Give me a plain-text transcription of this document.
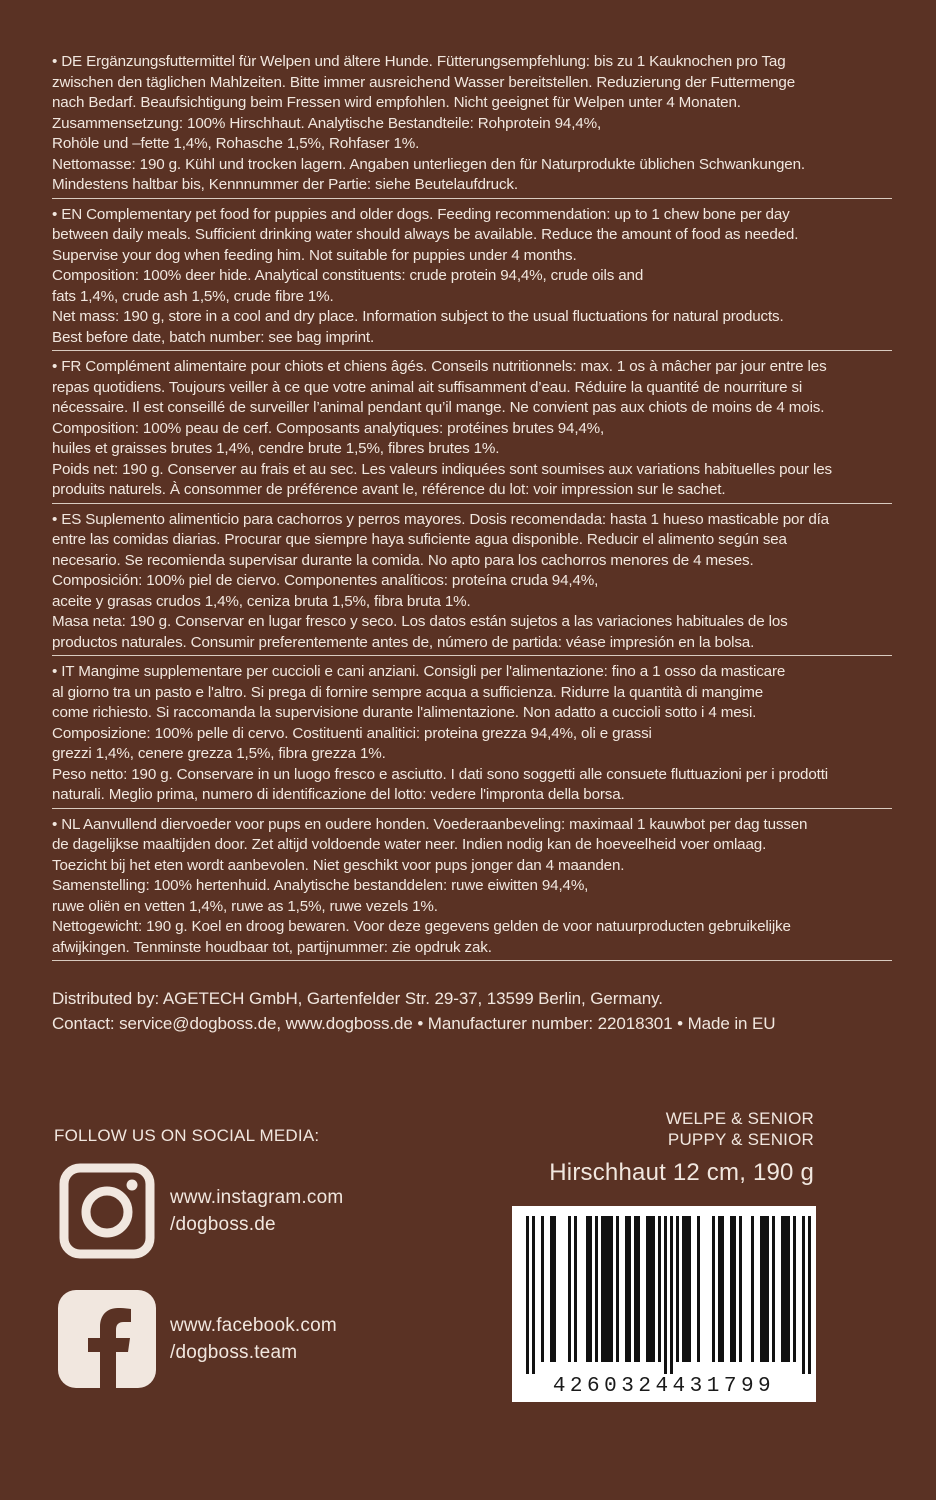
• DE Ergänzungsfuttermittel für Welpen und ältere Hunde. Fütterungsempfehlung: bis zu 1 Kauknochen pro Tag
zwischen den täglichen Mahlzeiten. Bitte immer ausreichend Wasser bereitstellen. Reduzierung der Futtermenge
nach Bedarf. Beaufsichtigung beim Fressen wird empfohlen. Nicht geeignet für Welpen unter 4 Monaten.
Zusammensetzung: 100% Hirschhaut. Analytische Bestandteile: Rohprotein 94,4%,
Rohöle und –fette 1,4%, Rohasche 1,5%, Rohfaser 1%.
Nettomasse: 190 g. Kühl und trocken lagern. Angaben unterliegen den für Naturprodukte üblichen Schwankungen.
Mindestens haltbar bis, Kennnummer der Partie: siehe Beutelaufdruck.
• EN Complementary pet food for puppies and older dogs. Feeding recommendation: up to 1 chew bone per day
between daily meals. Sufficient drinking water should always be available. Reduce the amount of food as needed.
Supervise your dog when feeding him. Not suitable for puppies under 4 months.
Composition: 100% deer hide. Analytical constituents: crude protein 94,4%, crude oils and
fats 1,4%, crude ash 1,5%, crude fibre 1%.
Net mass: 190 g, store in a cool and dry place. Information subject to the usual fluctuations for natural products.
Best before date, batch number: see bag imprint.
• FR Complément alimentaire pour chiots et chiens âgés. Conseils nutritionnels: max. 1 os à mâcher par jour entre les
repas quotidiens. Toujours veiller à ce que votre animal ait suffisamment d’eau. Réduire la quantité de nourriture si
nécessaire. Il est conseillé de surveiller l’animal pendant qu’il mange. Ne convient pas aux chiots de moins de 4 mois.
Composition: 100% peau de cerf. Composants analytiques: protéines brutes 94,4%,
huiles et graisses brutes 1,4%, cendre brute 1,5%, fibres brutes 1%.
Poids net: 190 g. Conserver au frais et au sec. Les valeurs indiquées sont soumises aux variations habituelles pour les
produits naturels. À consommer de préférence avant le, référence du lot: voir impression sur le sachet.
• ES Suplemento alimenticio para cachorros y perros mayores. Dosis recomendada: hasta 1 hueso masticable por día
entre las comidas diarias. Procurar que siempre haya suficiente agua disponible. Reducir el alimento según sea
necesario. Se recomienda supervisar durante la comida. No apto para los cachorros menores de 4 meses.
Composición: 100% piel de ciervo. Componentes analíticos: proteína cruda 94,4%,
aceite y grasas crudos 1,4%, ceniza bruta 1,5%, fibra bruta 1%.
Masa neta: 190 g. Conservar en lugar fresco y seco. Los datos están sujetos a las variaciones habituales de los
productos naturales. Consumir preferentemente antes de, número de partida: véase impresión en la bolsa.
• IT Mangime supplementare per cuccioli e cani anziani. Consigli per l'alimentazione: fino a 1 osso da masticare
al giorno tra un pasto e l'altro. Si prega di fornire sempre acqua a sufficienza. Ridurre la quantità di mangime
come richiesto. Si raccomanda la supervisione durante l'alimentazione. Non adatto a cuccioli sotto i 4 mesi.
Composizione: 100% pelle di cervo. Costituenti analitici: proteina grezza 94,4%, oli e grassi
grezzi 1,4%, cenere grezza 1,5%, fibra grezza 1%.
Peso netto: 190 g. Conservare in un luogo fresco e asciutto. I dati sono soggetti alle consuete fluttuazioni per i prodotti
naturali. Meglio prima, numero di identificazione del lotto: vedere l'impronta della borsa.
• NL Aanvullend diervoeder voor pups en oudere honden. Voederaanbeveling: maximaal 1 kauwbot per dag tussen
de dagelijkse maaltijden door. Zet altijd voldoende water neer. Indien nodig kan de hoeveelheid voer omlaag.
Toezicht bij het eten wordt aanbevolen. Niet geschikt voor pups jonger dan 4 maanden.
Samenstelling: 100% hertenhuid. Analytische bestanddelen: ruwe eiwitten 94,4%,
ruwe oliën en vetten 1,4%, ruwe as 1,5%, ruwe vezels 1%.
Nettogewicht: 190 g. Koel en droog bewaren. Voor deze gegevens gelden de voor natuurproducten gebruikelijke
afwijkingen. Tenminste houdbaar tot, partijnummer: zie opdruk zak.
Distributed by: AGETECH GmbH, Gartenfelder Str. 29-37, 13599 Berlin, Germany.
Contact: service@dogboss.de, www.dogboss.de • Manufacturer number: 22018301 • Made in EU
FOLLOW US ON SOCIAL MEDIA:
www.instagram.com
/dogboss.de
www.facebook.com
/dogboss.team
WELPE & SENIOR
PUPPY & SENIOR
Hirschhaut 12 cm, 190 g
4260324431799
